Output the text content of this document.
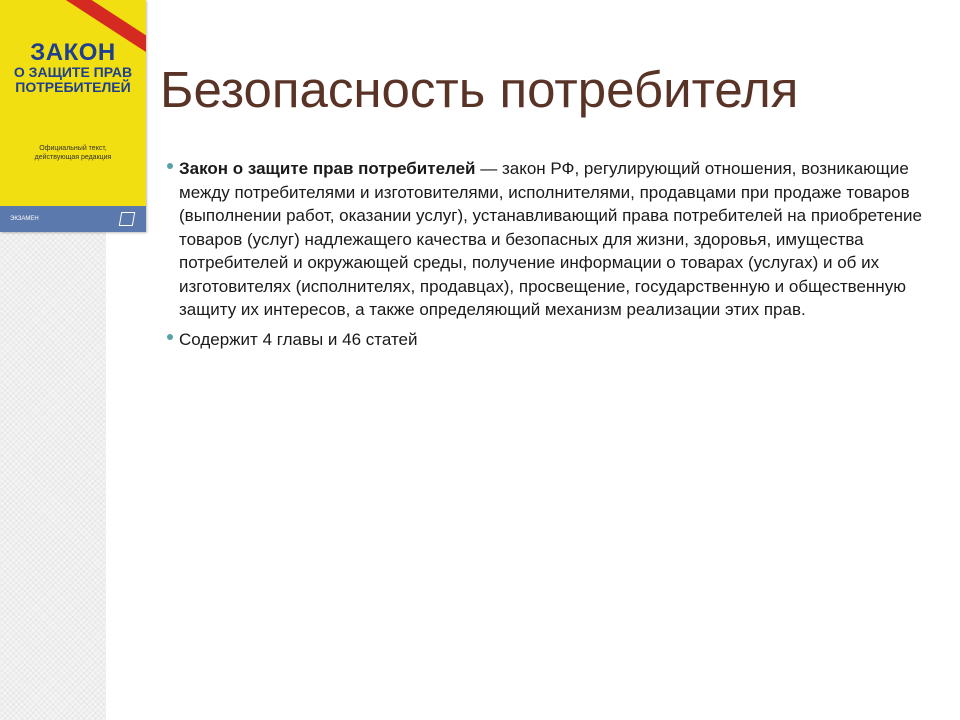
ЗАКОН
О ЗАЩИТЕ ПРАВ
ПОТРЕБИТЕЛЕЙ
Официальный текст,
действующая редакция
ЭКЗАМЕН
Безопасность потребителя
Закон о защите прав потребителей — закон РФ, регулирующий отношения, возникающие между потребителями и изготовителями, исполнителями, продавцами при продаже товаров (выполнении работ, оказании услуг), устанавливающий права потребителей на приобретение товаров (услуг) надлежащего качества и безопасных для жизни, здоровья, имущества потребителей и окружающей среды, получение информации о товарах (услугах) и об их изготовителях (исполнителях, продавцах), просвещение, государственную и общественную защиту их интересов, а также определяющий механизм реализации этих прав.
Содержит 4 главы и 46 статей
